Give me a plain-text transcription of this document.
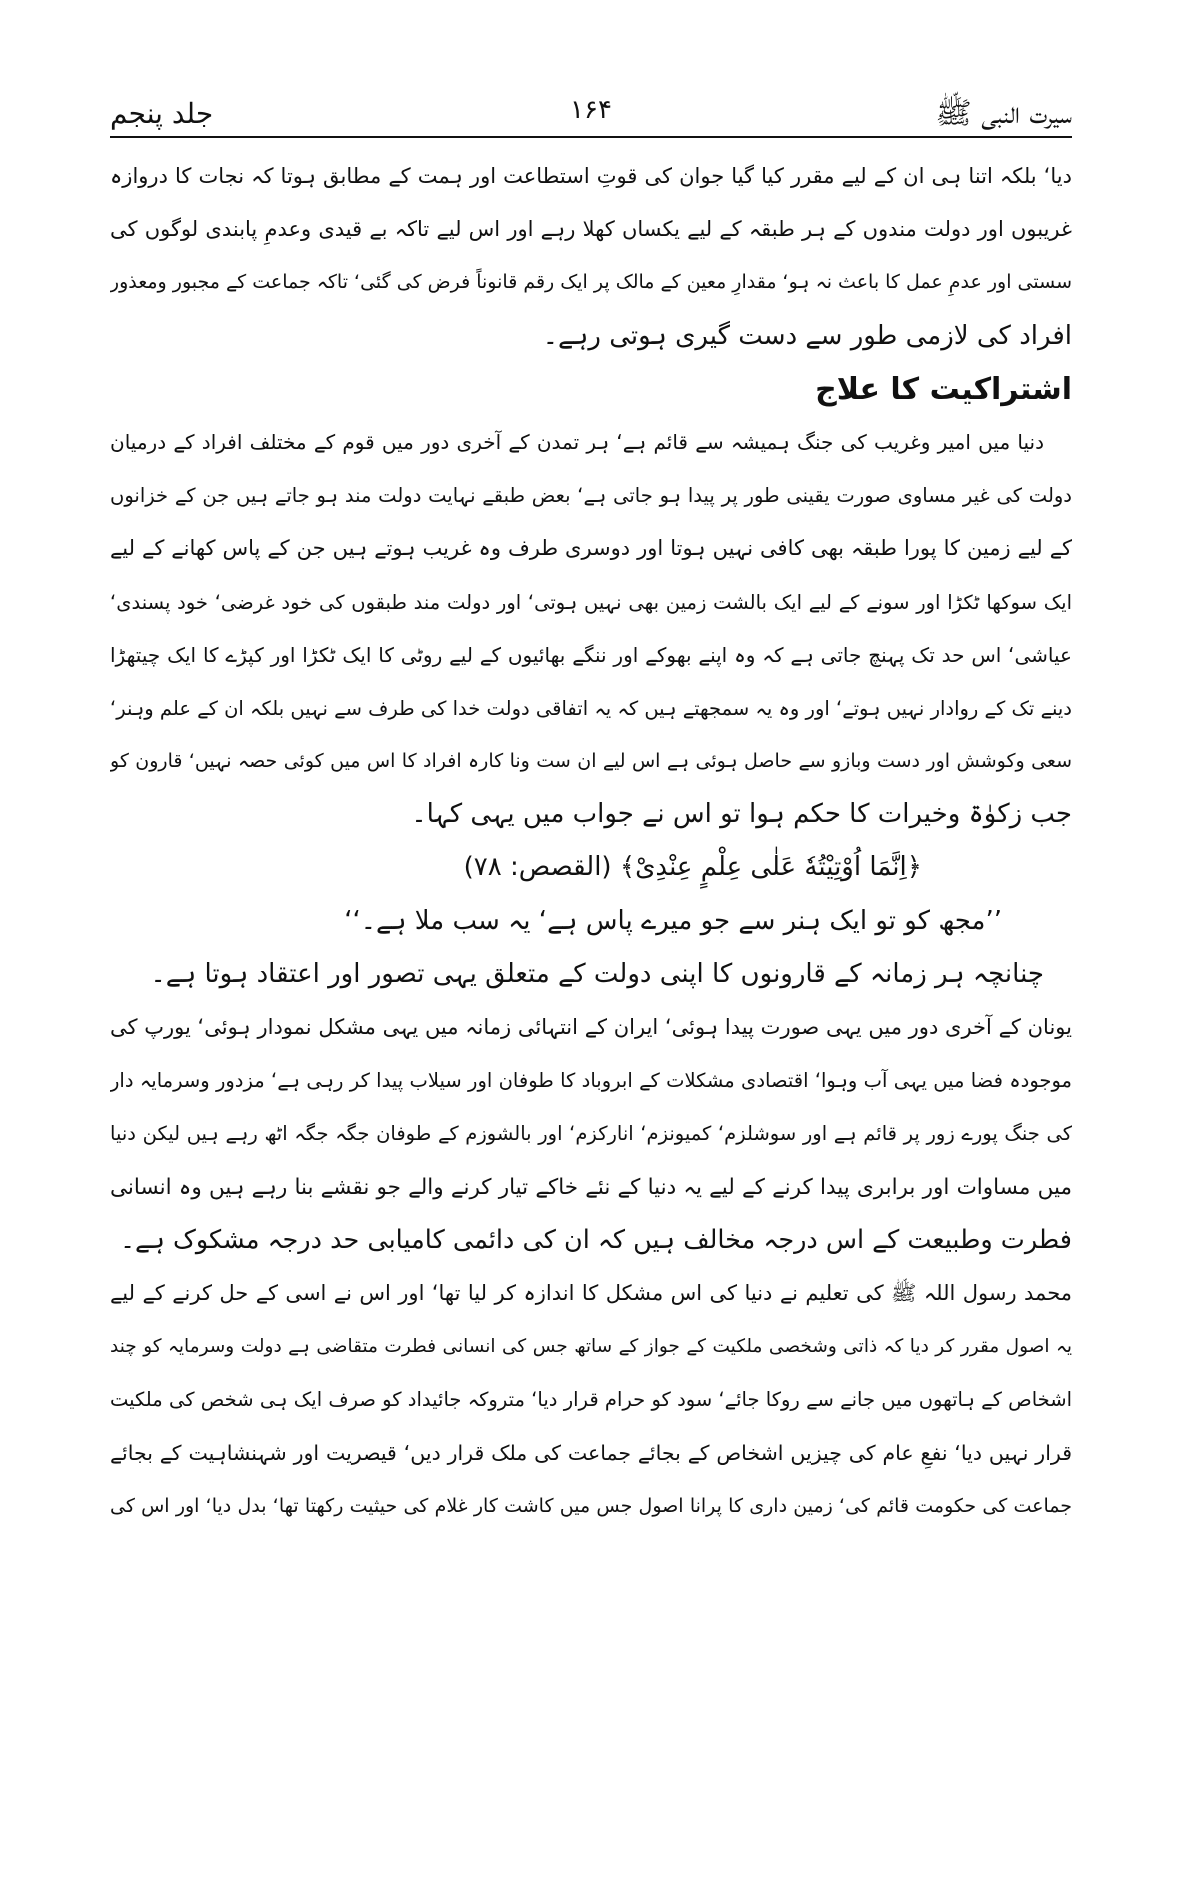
سیرت النبی ﷺ
۱۶۴
جلد پنجم
دیا‘ بلکہ اتنا ہی ان کے لیے مقرر کیا گیا جوان کی قوتِ استطاعت اور ہمت کے مطابق ہوتا کہ نجات کا دروازہ
غریبوں اور دولت مندوں کے ہر طبقہ کے لیے یکساں کھلا رہے اور اس لیے تاکہ بے قیدی وعدمِ پابندی لوگوں کی
سستی اور عدمِ عمل کا باعث نہ ہو‘ مقدارِ معین کے مالک پر ایک رقم قانوناً فرض کی گئی‘ تاکہ جماعت کے مجبور ومعذور
افراد کی لازمی طور سے دست گیری ہوتی رہے۔
اشتراکیت کا علاج
دنیا میں امیر وغریب کی جنگ ہمیشہ سے قائم ہے‘ ہر تمدن کے آخری دور میں قوم کے مختلف افراد کے درمیان
دولت کی غیر مساوی صورت یقینی طور پر پیدا ہو جاتی ہے‘ بعض طبقے نہایت دولت مند ہو جاتے ہیں جن کے خزانوں
کے لیے زمین کا پورا طبقہ بھی کافی نہیں ہوتا اور دوسری طرف وہ غریب ہوتے ہیں جن کے پاس کھانے کے لیے
ایک سوکھا ٹکڑا اور سونے کے لیے ایک بالشت زمین بھی نہیں ہوتی‘ اور دولت مند طبقوں کی خود غرضی‘ خود پسندی‘
عیاشی‘ اس حد تک پہنچ جاتی ہے کہ وہ اپنے بھوکے اور ننگے بھائیوں کے لیے روٹی کا ایک ٹکڑا اور کپڑے کا ایک چیتھڑا
دینے تک کے روادار نہیں ہوتے‘ اور وہ یہ سمجھتے ہیں کہ یہ اتفاقی دولت خدا کی طرف سے نہیں بلکہ ان کے علم وہنر‘
سعی وکوشش اور دست وبازو سے حاصل ہوئی ہے اس لیے ان ست ونا کارہ افراد کا اس میں کوئی حصہ نہیں‘ قارون کو
جب زکوٰۃ وخیرات کا حکم ہوا تو اس نے جواب میں یہی کہا۔
﴿اِنَّمَا اُوْتِیْتُهٗ عَلٰی عِلْمٍ عِنْدِیْ﴾ (القصص: ۷۸)
’’مجھ کو تو ایک ہنر سے جو میرے پاس ہے‘ یہ سب ملا ہے۔‘‘
چنانچہ ہر زمانہ کے قارونوں کا اپنی دولت کے متعلق یہی تصور اور اعتقاد ہوتا ہے۔
یونان کے آخری دور میں یہی صورت پیدا ہوئی‘ ایران کے انتہائی زمانہ میں یہی مشکل نمودار ہوئی‘ یورپ کی
موجودہ فضا میں یہی آب وہوا‘ اقتصادی مشکلات کے ابروباد کا طوفان اور سیلاب پیدا کر رہی ہے‘ مزدور وسرمایہ دار
کی جنگ پورے زور پر قائم ہے اور سوشلزم‘ کمیونزم‘ انارکزم‘ اور بالشوزم کے طوفان جگہ جگہ اٹھ رہے ہیں لیکن دنیا
میں مساوات اور برابری پیدا کرنے کے لیے یہ دنیا کے نئے خاکے تیار کرنے والے جو نقشے بنا رہے ہیں وہ انسانی
فطرت وطبیعت کے اس درجہ مخالف ہیں کہ ان کی دائمی کامیابی حد درجہ مشکوک ہے۔
محمد رسول اللہ ﷺ کی تعلیم نے دنیا کی اس مشکل کا اندازہ کر لیا تھا‘ اور اس نے اسی کے حل کرنے کے لیے
یہ اصول مقرر کر دیا کہ ذاتی وشخصی ملکیت کے جواز کے ساتھ جس کی انسانی فطرت متقاضی ہے دولت وسرمایہ کو چند
اشخاص کے ہاتھوں میں جانے سے روکا جائے‘ سود کو حرام قرار دیا‘ متروکہ جائیداد کو صرف ایک ہی شخص کی ملکیت
قرار نہیں دیا‘ نفعِ عام کی چیزیں اشخاص کے بجائے جماعت کی ملک قرار دیں‘ قیصریت اور شہنشاہیت کے بجائے
جماعت کی حکومت قائم کی‘ زمین داری کا پرانا اصول جس میں کاشت کار غلام کی حیثیت رکھتا تھا‘ بدل دیا‘ اور اس کی
